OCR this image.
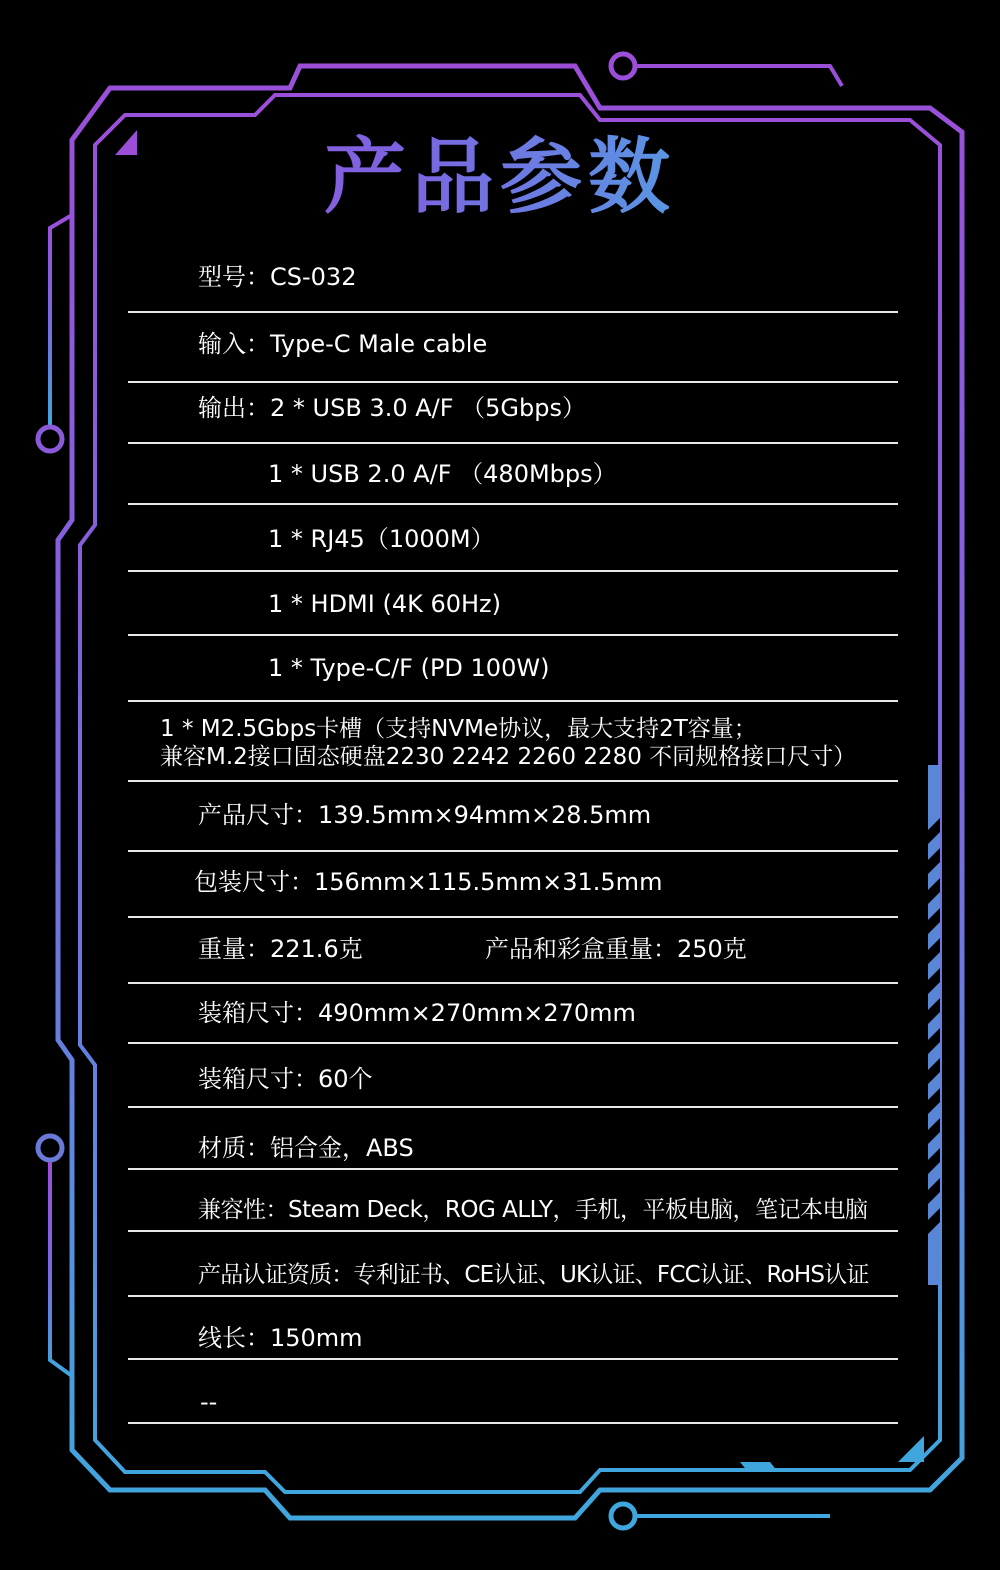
产品参数
型号：CS-032
输入：Type-C Male cable
输出：2 * USB 3.0 A/F （5Gbps）
1 * USB 2.0 A/F （480Mbps）
1 * RJ45（1000M）
1 * HDMI (4K 60Hz)
1 * Type-C/F (PD 100W)
1 * M2.5Gbps卡槽（支持NVMe协议，最大支持2T容量；
兼容M.2接口固态硬盘2230 2242 2260 2280 不同规格接口尺寸）
产品尺寸：139.5mm×94mm×28.5mm
包装尺寸：156mm×115.5mm×31.5mm
重量：221.6克	产品和彩盒重量：250克
装箱尺寸：490mm×270mm×270mm
装箱尺寸：60个
材质：铝合金，ABS
兼容性：Steam Deck，ROG ALLY，手机，平板电脑，笔记本电脑
产品认证资质：专利证书、CE认证、UK认证、FCC认证、RoHS认证
线长：150mm
--
